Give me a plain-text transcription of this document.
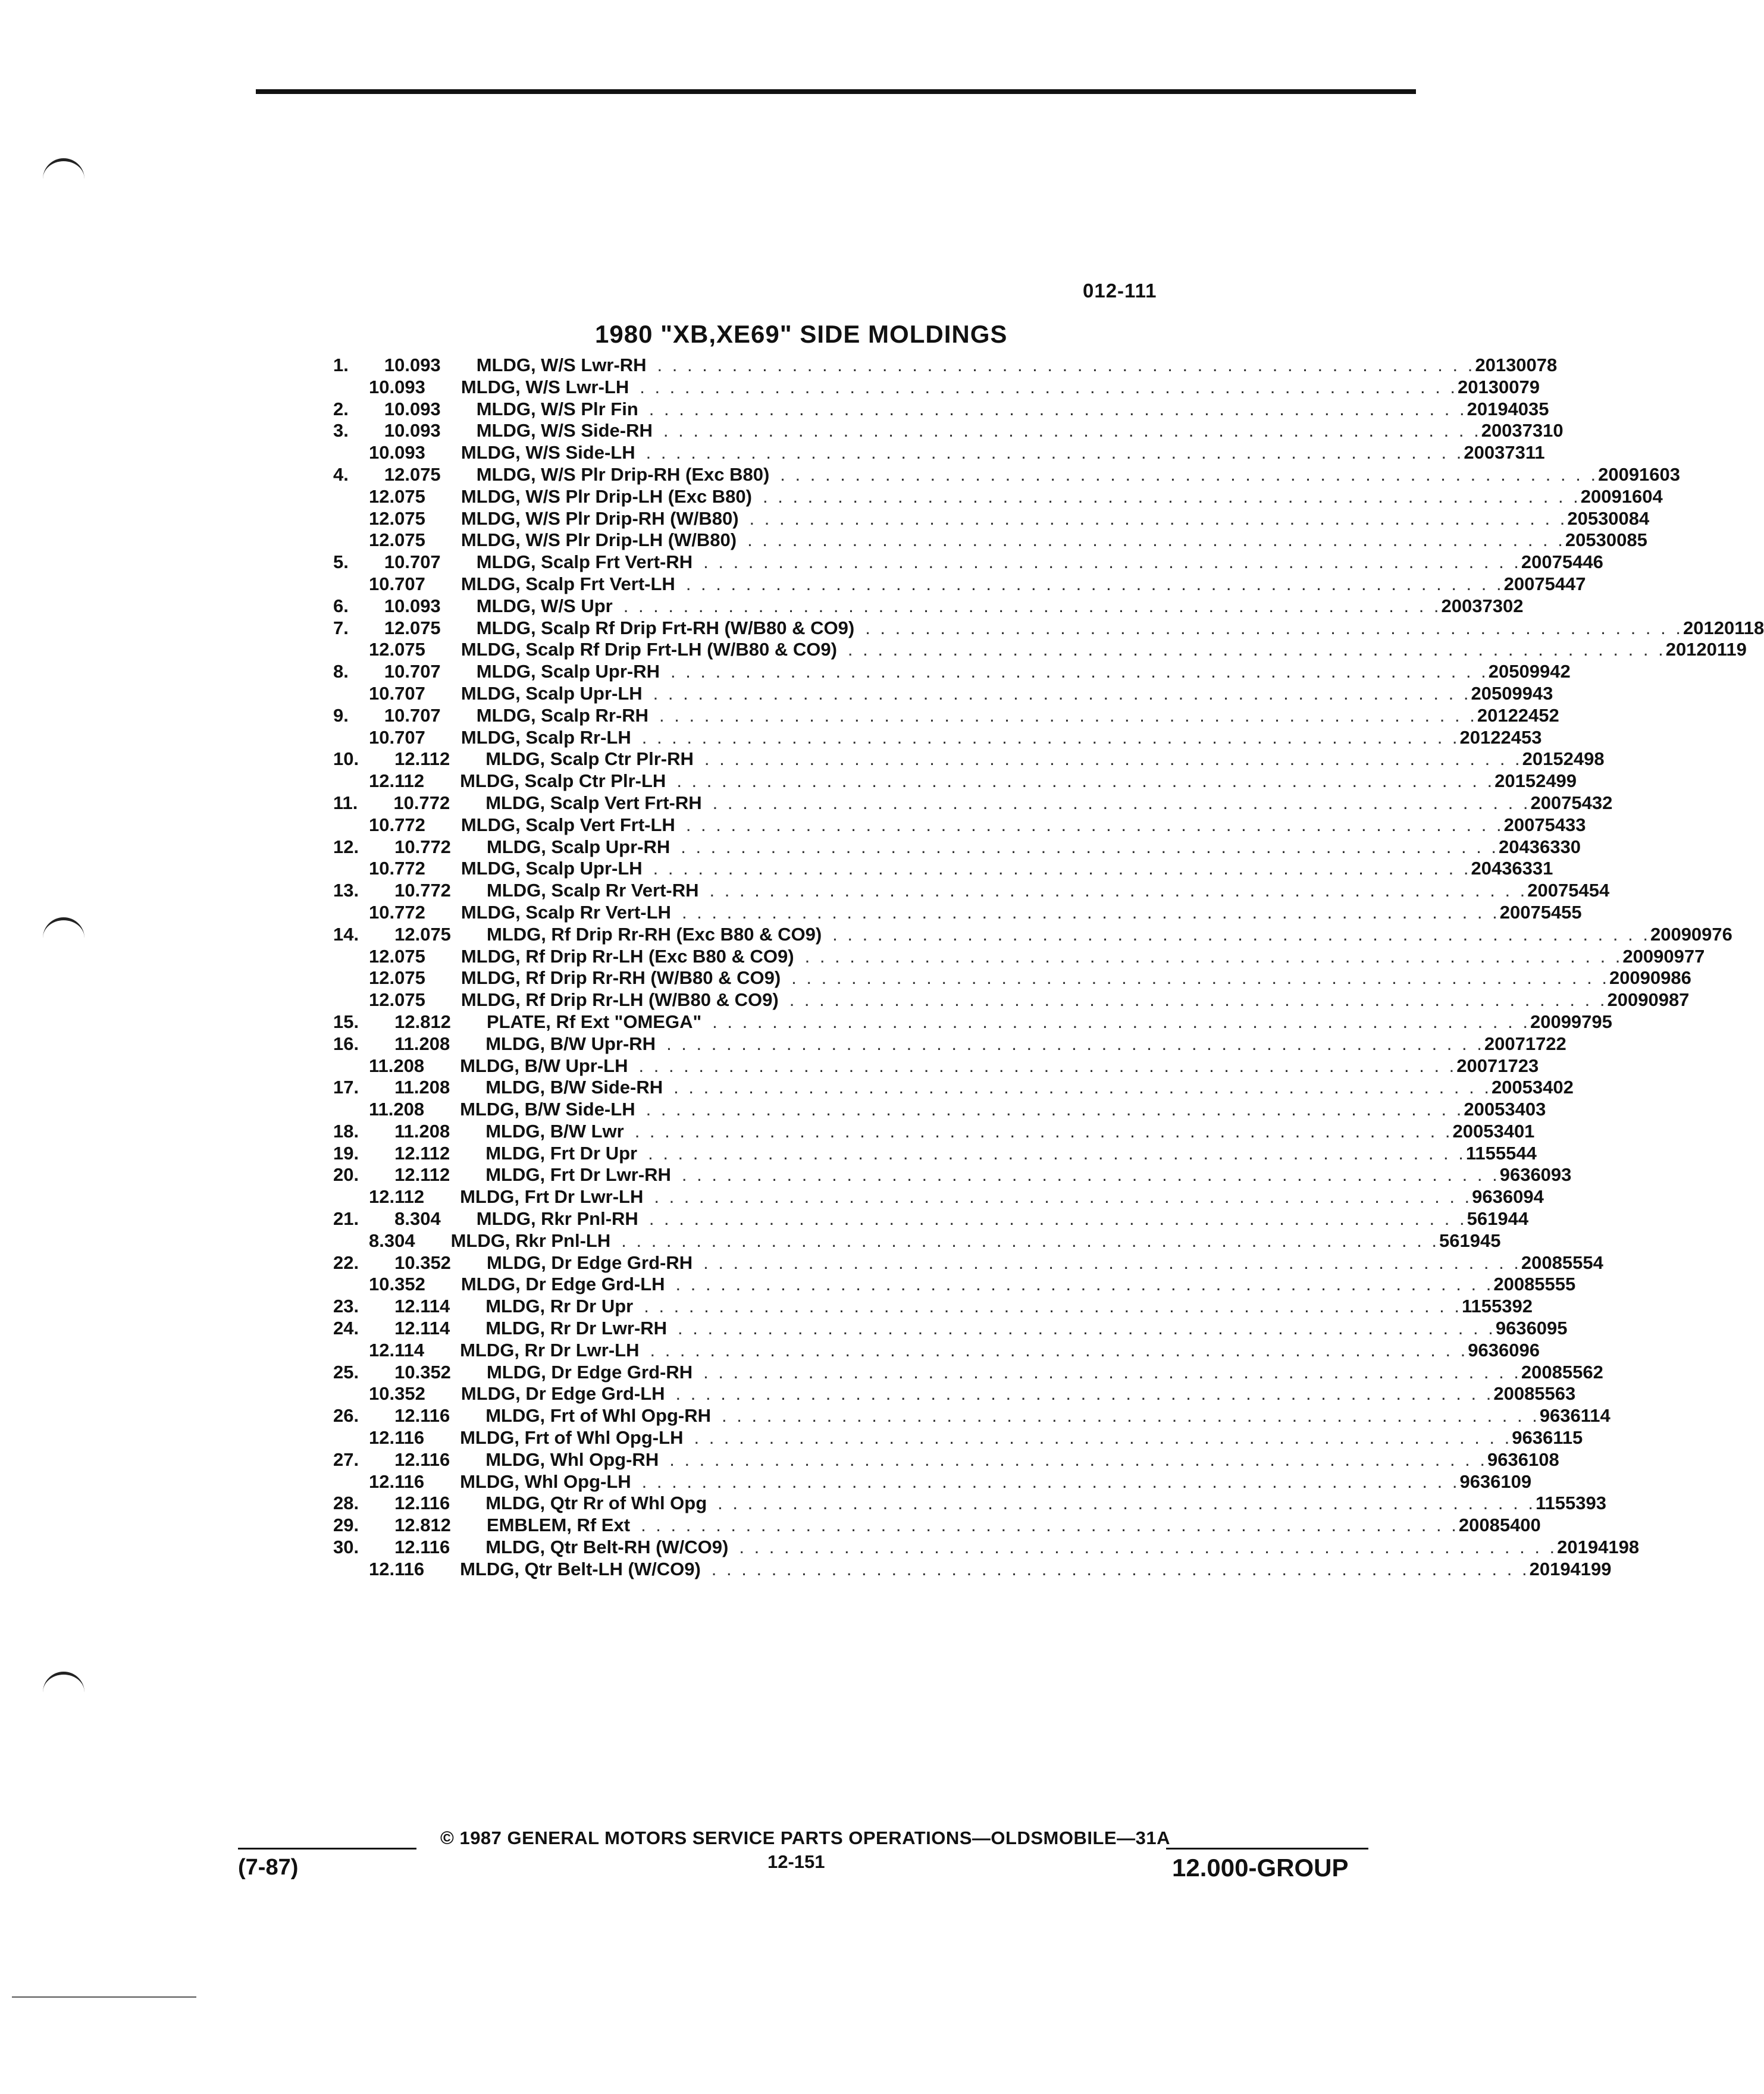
012-111
1980 "XB,XE69" SIDE MOLDINGS
1.	10.093	MLDG, W/S Lwr-RH . . . . . . . . . . . . . . . . . . . . . . . . . . . . . . . . . . . . . . . . . . . . . . . . . . . . . . . 20130078
10.093	MLDG, W/S Lwr-LH . . . . . . . . . . . . . . . . . . . . . . . . . . . . . . . . . . . . . . . . . . . . . . . . . . . . . . . 20130079
2.	10.093	MLDG, W/S Plr Fin . . . . . . . . . . . . . . . . . . . . . . . . . . . . . . . . . . . . . . . . . . . . . . . . . . . . . . . 20194035
3.	10.093	MLDG, W/S Side-RH . . . . . . . . . . . . . . . . . . . . . . . . . . . . . . . . . . . . . . . . . . . . . . . . . . . . . . . 20037310
10.093	MLDG, W/S Side-LH . . . . . . . . . . . . . . . . . . . . . . . . . . . . . . . . . . . . . . . . . . . . . . . . . . . . . . . 20037311
4.	12.075	MLDG, W/S Plr Drip-RH (Exc B80) . . . . . . . . . . . . . . . . . . . . . . . . . . . . . . . . . . . . . . . . . . . . . . . . . . . . . . . 20091603
12.075	MLDG, W/S Plr Drip-LH (Exc B80) . . . . . . . . . . . . . . . . . . . . . . . . . . . . . . . . . . . . . . . . . . . . . . . . . . . . . . . 20091604
12.075	MLDG, W/S Plr Drip-RH (W/B80) . . . . . . . . . . . . . . . . . . . . . . . . . . . . . . . . . . . . . . . . . . . . . . . . . . . . . . . 20530084
12.075	MLDG, W/S Plr Drip-LH (W/B80) . . . . . . . . . . . . . . . . . . . . . . . . . . . . . . . . . . . . . . . . . . . . . . . . . . . . . . . 20530085
5.	10.707	MLDG, Scalp Frt Vert-RH . . . . . . . . . . . . . . . . . . . . . . . . . . . . . . . . . . . . . . . . . . . . . . . . . . . . . . . 20075446
10.707	MLDG, Scalp Frt Vert-LH . . . . . . . . . . . . . . . . . . . . . . . . . . . . . . . . . . . . . . . . . . . . . . . . . . . . . . . 20075447
6.	10.093	MLDG, W/S Upr . . . . . . . . . . . . . . . . . . . . . . . . . . . . . . . . . . . . . . . . . . . . . . . . . . . . . . . 20037302
7.	12.075	MLDG, Scalp Rf Drip Frt-RH (W/B80 & CO9) . . . . . . . . . . . . . . . . . . . . . . . . . . . . . . . . . . . . . . . . . . . . . . . . . . . . . . . 20120118
12.075	MLDG, Scalp Rf Drip Frt-LH (W/B80 & CO9) . . . . . . . . . . . . . . . . . . . . . . . . . . . . . . . . . . . . . . . . . . . . . . . . . . . . . . . 20120119
8.	10.707	MLDG, Scalp Upr-RH . . . . . . . . . . . . . . . . . . . . . . . . . . . . . . . . . . . . . . . . . . . . . . . . . . . . . . . 20509942
10.707	MLDG, Scalp Upr-LH . . . . . . . . . . . . . . . . . . . . . . . . . . . . . . . . . . . . . . . . . . . . . . . . . . . . . . . 20509943
9.	10.707	MLDG, Scalp Rr-RH . . . . . . . . . . . . . . . . . . . . . . . . . . . . . . . . . . . . . . . . . . . . . . . . . . . . . . . 20122452
10.707	MLDG, Scalp Rr-LH . . . . . . . . . . . . . . . . . . . . . . . . . . . . . . . . . . . . . . . . . . . . . . . . . . . . . . . 20122453
10.	12.112	MLDG, Scalp Ctr Plr-RH . . . . . . . . . . . . . . . . . . . . . . . . . . . . . . . . . . . . . . . . . . . . . . . . . . . . . . . 20152498
12.112	MLDG, Scalp Ctr Plr-LH . . . . . . . . . . . . . . . . . . . . . . . . . . . . . . . . . . . . . . . . . . . . . . . . . . . . . . . 20152499
11.	10.772	MLDG, Scalp Vert Frt-RH . . . . . . . . . . . . . . . . . . . . . . . . . . . . . . . . . . . . . . . . . . . . . . . . . . . . . . . 20075432
10.772	MLDG, Scalp Vert Frt-LH . . . . . . . . . . . . . . . . . . . . . . . . . . . . . . . . . . . . . . . . . . . . . . . . . . . . . . . 20075433
12.	10.772	MLDG, Scalp Upr-RH . . . . . . . . . . . . . . . . . . . . . . . . . . . . . . . . . . . . . . . . . . . . . . . . . . . . . . . 20436330
10.772	MLDG, Scalp Upr-LH . . . . . . . . . . . . . . . . . . . . . . . . . . . . . . . . . . . . . . . . . . . . . . . . . . . . . . . 20436331
13.	10.772	MLDG, Scalp Rr Vert-RH . . . . . . . . . . . . . . . . . . . . . . . . . . . . . . . . . . . . . . . . . . . . . . . . . . . . . . . 20075454
10.772	MLDG, Scalp Rr Vert-LH . . . . . . . . . . . . . . . . . . . . . . . . . . . . . . . . . . . . . . . . . . . . . . . . . . . . . . . 20075455
14.	12.075	MLDG, Rf Drip Rr-RH (Exc B80 & CO9) . . . . . . . . . . . . . . . . . . . . . . . . . . . . . . . . . . . . . . . . . . . . . . . . . . . . . . . 20090976
12.075	MLDG, Rf Drip Rr-LH (Exc B80 & CO9) . . . . . . . . . . . . . . . . . . . . . . . . . . . . . . . . . . . . . . . . . . . . . . . . . . . . . . . 20090977
12.075	MLDG, Rf Drip Rr-RH (W/B80 & CO9) . . . . . . . . . . . . . . . . . . . . . . . . . . . . . . . . . . . . . . . . . . . . . . . . . . . . . . . 20090986
12.075	MLDG, Rf Drip Rr-LH (W/B80 & CO9) . . . . . . . . . . . . . . . . . . . . . . . . . . . . . . . . . . . . . . . . . . . . . . . . . . . . . . . 20090987
15.	12.812	PLATE, Rf Ext "OMEGA" . . . . . . . . . . . . . . . . . . . . . . . . . . . . . . . . . . . . . . . . . . . . . . . . . . . . . . . 20099795
16.	11.208	MLDG, B/W Upr-RH . . . . . . . . . . . . . . . . . . . . . . . . . . . . . . . . . . . . . . . . . . . . . . . . . . . . . . . 20071722
11.208	MLDG, B/W Upr-LH . . . . . . . . . . . . . . . . . . . . . . . . . . . . . . . . . . . . . . . . . . . . . . . . . . . . . . . 20071723
17.	11.208	MLDG, B/W Side-RH . . . . . . . . . . . . . . . . . . . . . . . . . . . . . . . . . . . . . . . . . . . . . . . . . . . . . . . 20053402
11.208	MLDG, B/W Side-LH . . . . . . . . . . . . . . . . . . . . . . . . . . . . . . . . . . . . . . . . . . . . . . . . . . . . . . . 20053403
18.	11.208	MLDG, B/W Lwr . . . . . . . . . . . . . . . . . . . . . . . . . . . . . . . . . . . . . . . . . . . . . . . . . . . . . . . 20053401
19.	12.112	MLDG, Frt Dr Upr . . . . . . . . . . . . . . . . . . . . . . . . . . . . . . . . . . . . . . . . . . . . . . . . . . . . . . . 1155544
20.	12.112	MLDG, Frt Dr Lwr-RH . . . . . . . . . . . . . . . . . . . . . . . . . . . . . . . . . . . . . . . . . . . . . . . . . . . . . . . 9636093
12.112	MLDG, Frt Dr Lwr-LH . . . . . . . . . . . . . . . . . . . . . . . . . . . . . . . . . . . . . . . . . . . . . . . . . . . . . . . 9636094
21.	8.304	MLDG, Rkr Pnl-RH . . . . . . . . . . . . . . . . . . . . . . . . . . . . . . . . . . . . . . . . . . . . . . . . . . . . . . . 561944
8.304	MLDG, Rkr Pnl-LH . . . . . . . . . . . . . . . . . . . . . . . . . . . . . . . . . . . . . . . . . . . . . . . . . . . . . . . 561945
22.	10.352	MLDG, Dr Edge Grd-RH . . . . . . . . . . . . . . . . . . . . . . . . . . . . . . . . . . . . . . . . . . . . . . . . . . . . . . . 20085554
10.352	MLDG, Dr Edge Grd-LH . . . . . . . . . . . . . . . . . . . . . . . . . . . . . . . . . . . . . . . . . . . . . . . . . . . . . . . 20085555
23.	12.114	MLDG, Rr Dr Upr . . . . . . . . . . . . . . . . . . . . . . . . . . . . . . . . . . . . . . . . . . . . . . . . . . . . . . . 1155392
24.	12.114	MLDG, Rr Dr Lwr-RH . . . . . . . . . . . . . . . . . . . . . . . . . . . . . . . . . . . . . . . . . . . . . . . . . . . . . . . 9636095
12.114	MLDG, Rr Dr Lwr-LH . . . . . . . . . . . . . . . . . . . . . . . . . . . . . . . . . . . . . . . . . . . . . . . . . . . . . . . 9636096
25.	10.352	MLDG, Dr Edge Grd-RH . . . . . . . . . . . . . . . . . . . . . . . . . . . . . . . . . . . . . . . . . . . . . . . . . . . . . . . 20085562
10.352	MLDG, Dr Edge Grd-LH . . . . . . . . . . . . . . . . . . . . . . . . . . . . . . . . . . . . . . . . . . . . . . . . . . . . . . . 20085563
26.	12.116	MLDG, Frt of Whl Opg-RH . . . . . . . . . . . . . . . . . . . . . . . . . . . . . . . . . . . . . . . . . . . . . . . . . . . . . . . 9636114
12.116	MLDG, Frt of Whl Opg-LH . . . . . . . . . . . . . . . . . . . . . . . . . . . . . . . . . . . . . . . . . . . . . . . . . . . . . . . 9636115
27.	12.116	MLDG, Whl Opg-RH . . . . . . . . . . . . . . . . . . . . . . . . . . . . . . . . . . . . . . . . . . . . . . . . . . . . . . . 9636108
12.116	MLDG, Whl Opg-LH . . . . . . . . . . . . . . . . . . . . . . . . . . . . . . . . . . . . . . . . . . . . . . . . . . . . . . . 9636109
28.	12.116	MLDG, Qtr Rr of Whl Opg . . . . . . . . . . . . . . . . . . . . . . . . . . . . . . . . . . . . . . . . . . . . . . . . . . . . . . . 1155393
29.	12.812	EMBLEM, Rf Ext . . . . . . . . . . . . . . . . . . . . . . . . . . . . . . . . . . . . . . . . . . . . . . . . . . . . . . . 20085400
30.	12.116	MLDG, Qtr Belt-RH (W/CO9) . . . . . . . . . . . . . . . . . . . . . . . . . . . . . . . . . . . . . . . . . . . . . . . . . . . . . . . 20194198
12.116	MLDG, Qtr Belt-LH (W/CO9) . . . . . . . . . . . . . . . . . . . . . . . . . . . . . . . . . . . . . . . . . . . . . . . . . . . . . . . 20194199
(7-87)
© 1987 GENERAL MOTORS SERVICE PARTS OPERATIONS—OLDSMOBILE—31A
12-151	12.000-GROUP
